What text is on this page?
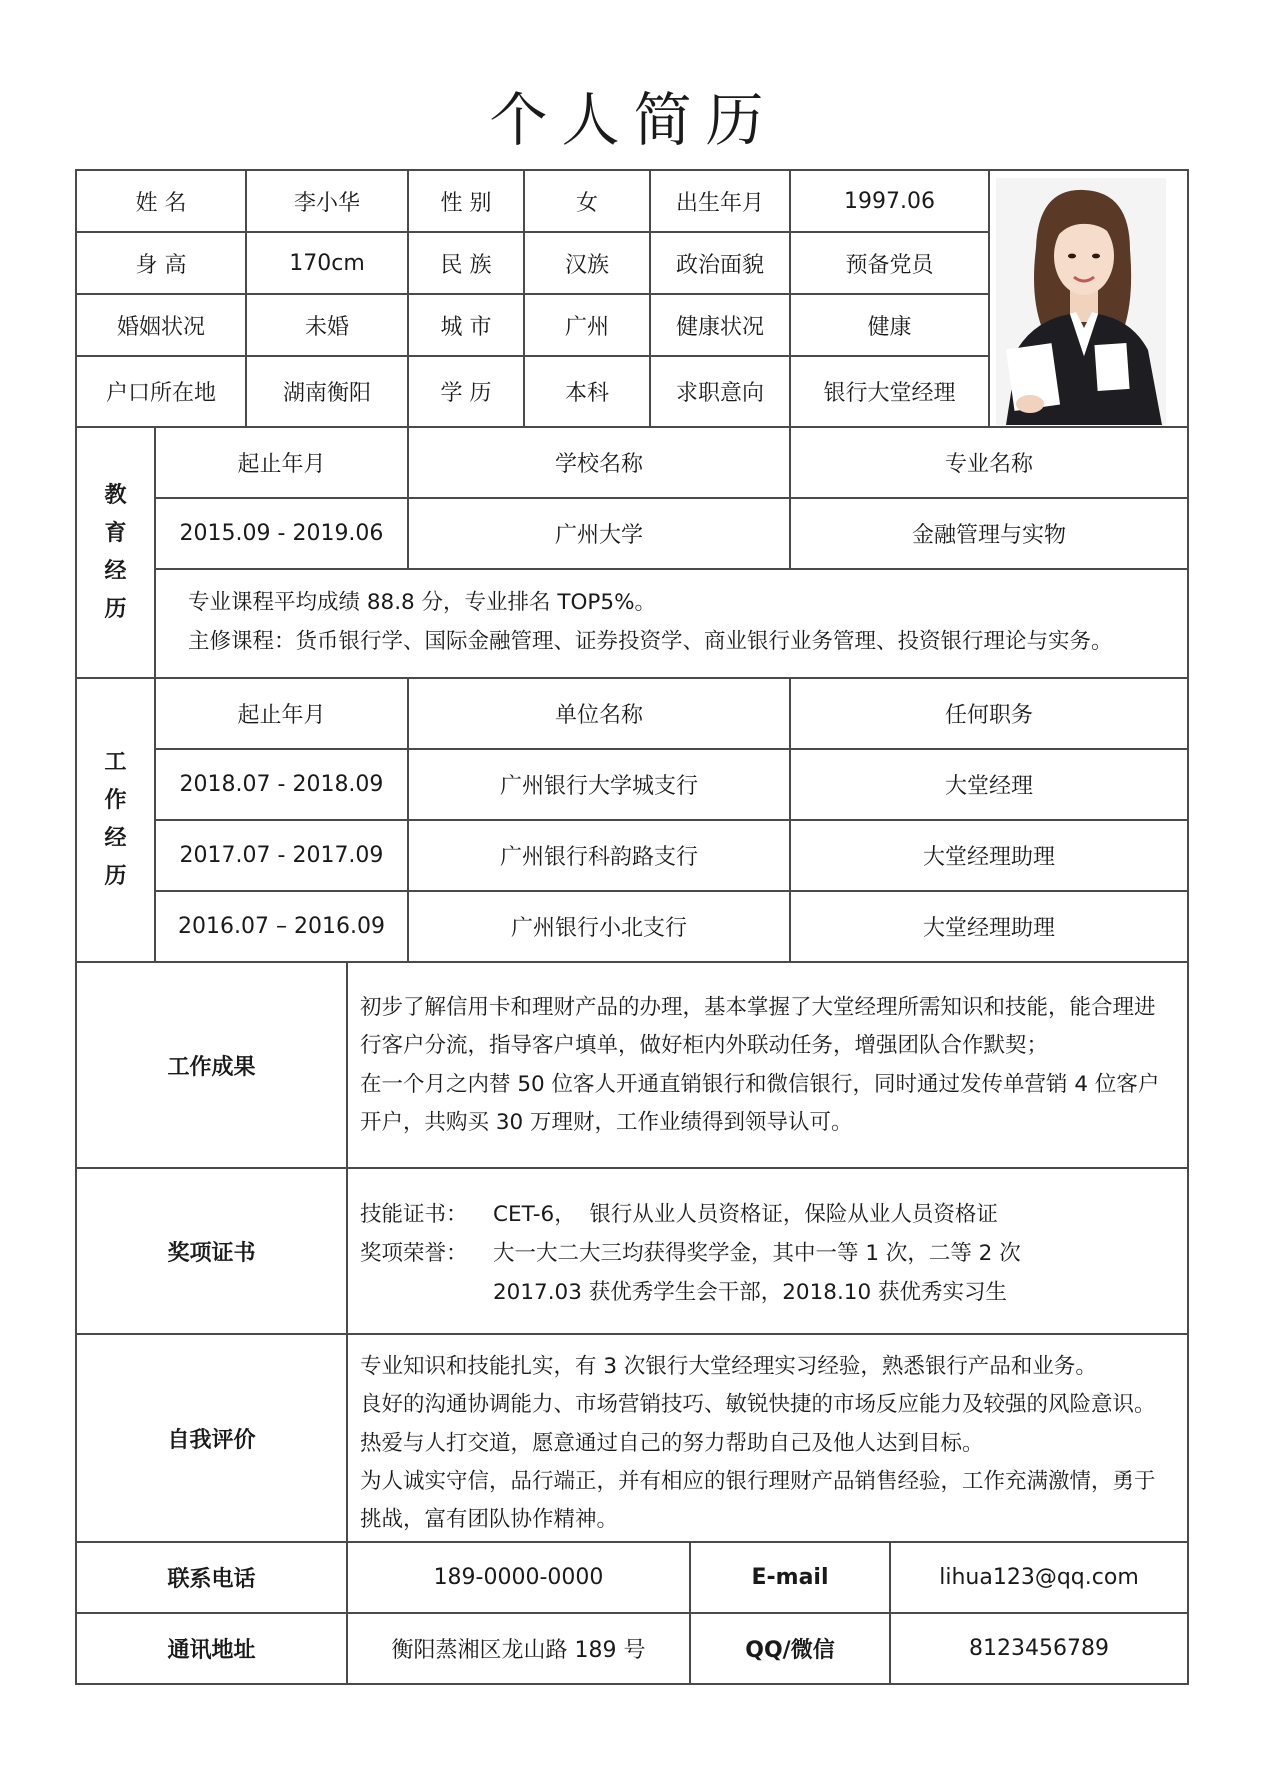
个人简历
姓 名	李小华	性 别	女	出生年月	1997.06
身 高	170cm	民 族	汉族	政治面貌	预备党员
婚姻状况	未婚	城 市	广州	健康状况	健康
户口所在地	湖南衡阳	学 历	本科	求职意向	银行大堂经理
教
育
经
历
起止年月	学校名称	专业名称
2015.09 - 2019.06	广州大学	金融管理与实物
专业课程平均成绩 88.8 分，专业排名 TOP5%。
主修课程：货币银行学、国际金融管理、证券投资学、商业银行业务管理、投资银行理论与实务。
工
作
经
历
起止年月	单位名称	任何职务
2018.07 - 2018.09	广州银行大学城支行	大堂经理
2017.07 - 2017.09	广州银行科韵路支行	大堂经理助理
2016.07 – 2016.09	广州银行小北支行	大堂经理助理
工作成果
初步了解信用卡和理财产品的办理，基本掌握了大堂经理所需知识和技能，能合理进
行客户分流，指导客户填单，做好柜内外联动任务，增强团队合作默契；
在一个月之内替 50 位客人开通直销银行和微信银行，同时通过发传单营销 4 位客户
开户，共购买 30 万理财，工作业绩得到领导认可。
奖项证书
技能证书： CET-6，  银行从业人员资格证，保险从业人员资格证
奖项荣誉： 大一大二大三均获得奖学金，其中一等 1 次，二等 2 次
2017.03 获优秀学生会干部，2018.10 获优秀实习生
自我评价
专业知识和技能扎实，有 3 次银行大堂经理实习经验，熟悉银行产品和业务。
良好的沟通协调能力、市场营销技巧、敏锐快捷的市场反应能力及较强的风险意识。
热爱与人打交道，愿意通过自己的努力帮助自己及他人达到目标。
为人诚实守信，品行端正，并有相应的银行理财产品销售经验，工作充满激情，勇于
挑战，富有团队协作精神。
联系电话	189-0000-0000	E-mail	lihua123@qq.com
通讯地址	衡阳蒸湘区龙山路 189 号	QQ/微信	8123456789
